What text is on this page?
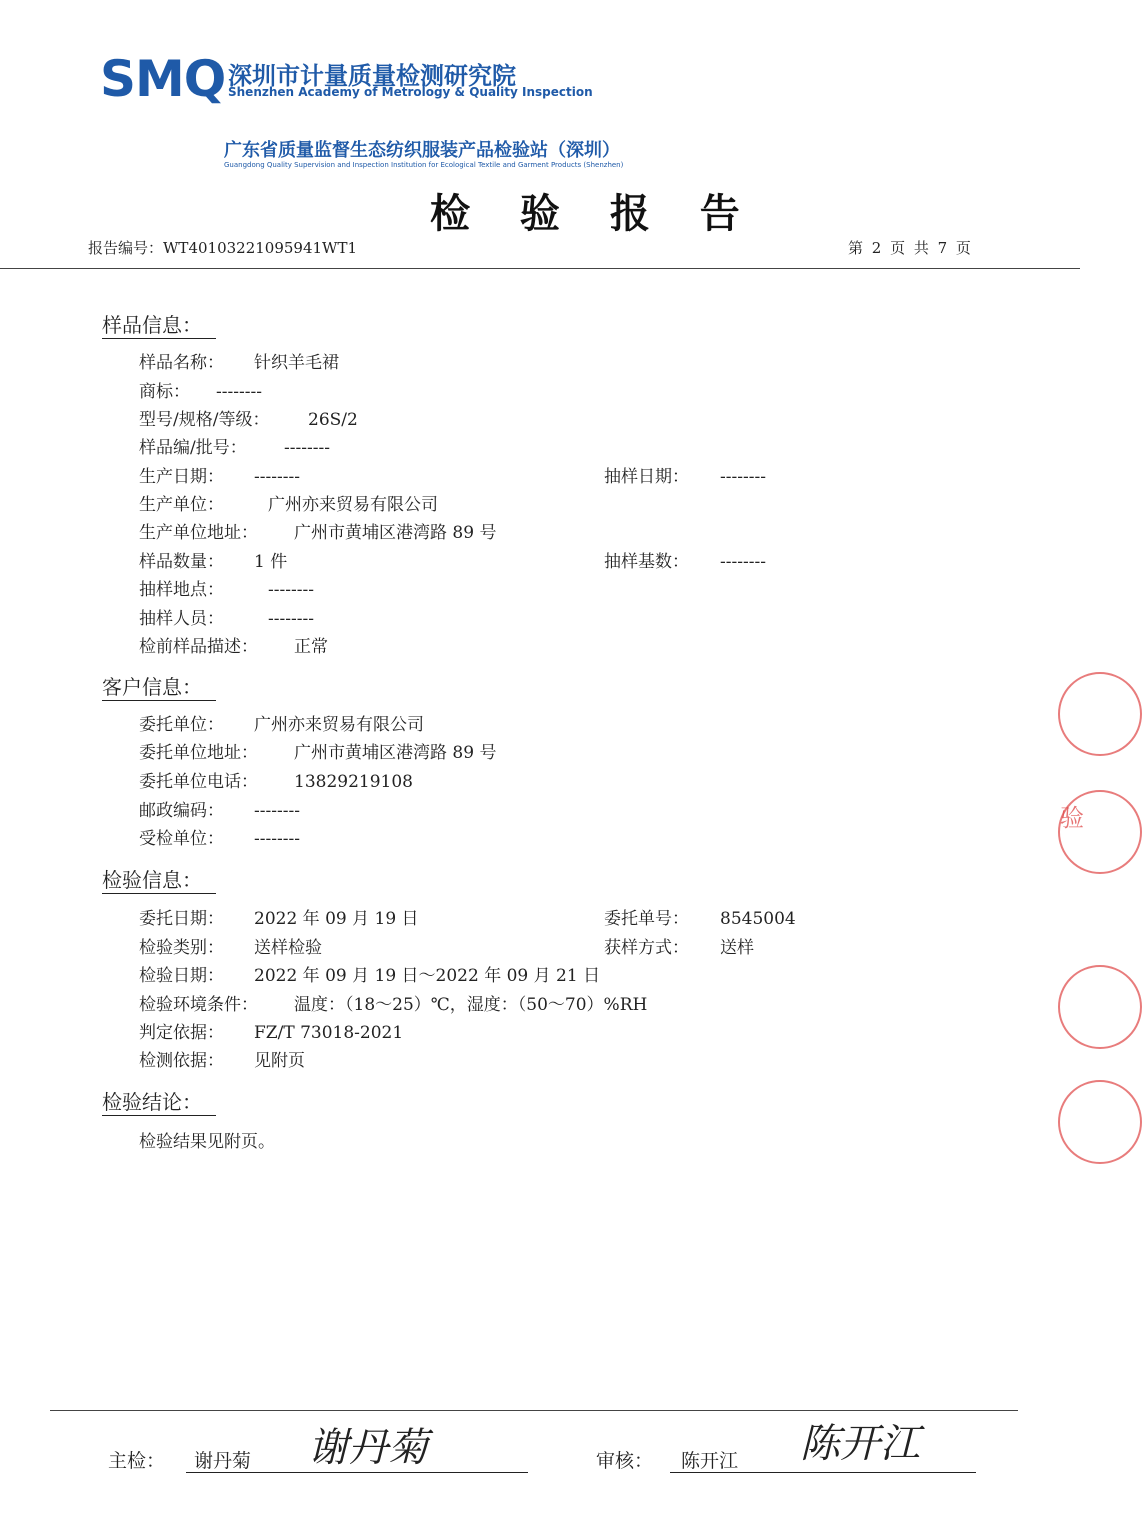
SMQ 深圳市计量质量检测研究院
Shenzhen Academy of Metrology & Quality Inspection
广东省质量监督生态纺织服装产品检验站（深圳）
Guangdong Quality Supervision and Inspection Institution for Ecological Textile and Garment Products (Shenzhen)
检 验 报 告
报告编号：WT40103221095941WT1	第 2 页 共 7 页
样品信息：
样品名称： 针织羊毛裙
商标： --------
型号/规格/等级： 26S/2
样品编/批号： --------
生产日期： --------	抽样日期： --------
生产单位：	广州亦来贸易有限公司
生产单位地址： 广州市黄埔区港湾路 89 号
样品数量： 1 件	抽样基数： --------
抽样地点：	--------
抽样人员：	--------
检前样品描述： 正常
客户信息：
委托单位： 广州亦来贸易有限公司
委托单位地址： 广州市黄埔区港湾路 89 号
委托单位电话： 13829219108
邮政编码： --------
受检单位： --------
检验信息：
委托日期： 2022 年 09 月 19 日	委托单号： 8545004
检验类别： 送样检验	获样方式： 送样
检验日期： 2022 年 09 月 19 日～2022 年 09 月 21 日
检验环境条件： 温度：（18～25）℃，湿度：（50～70）%RH
判定依据： FZ/T 73018-2021
检测依据： 见附页
检验结论：
检验结果见附页。
验
主检： 谢丹菊 谢丹菊	审核： 陈开江 陈开江
